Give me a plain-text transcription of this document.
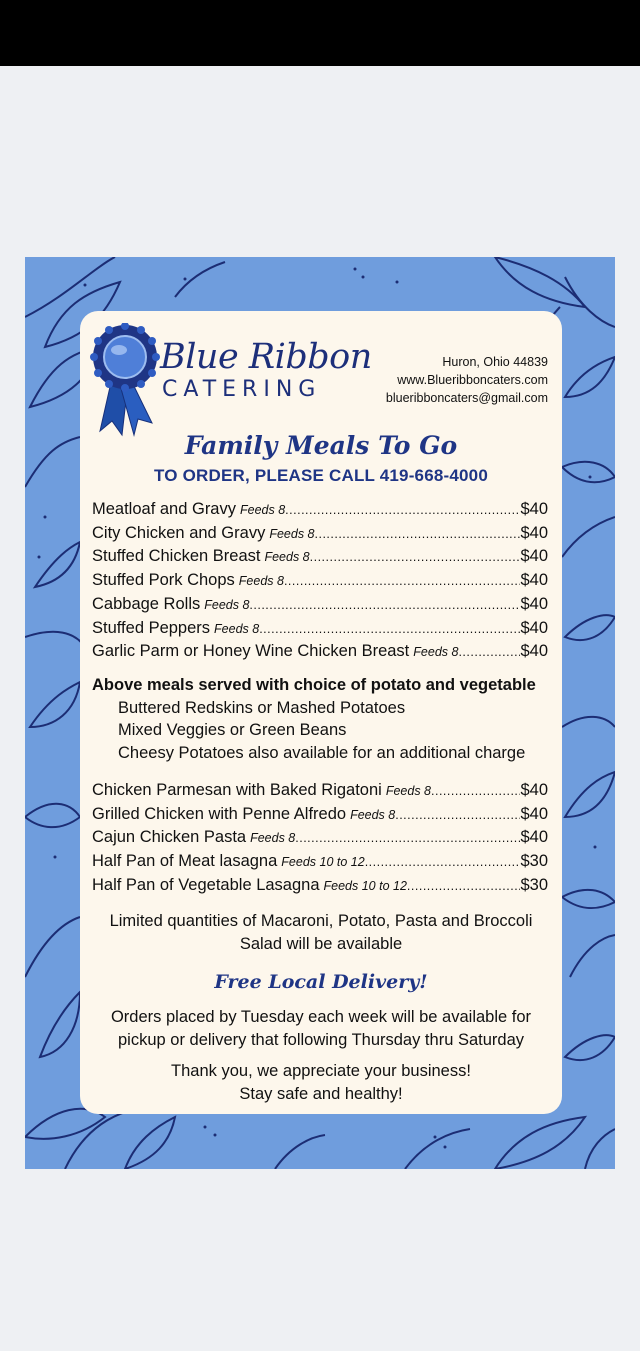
Blue Ribbon
CATERING
Huron, Ohio 44839
www.Blueribboncaters.com
blueribboncaters@gmail.com
Family Meals To Go
TO ORDER, PLEASE CALL 419-668-4000
Meatloaf and Gravy Feeds 8 .....	$40
City Chicken and Gravy Feeds 8 .....	$40
Stuffed Chicken Breast Feeds 8 .....	$40
Stuffed Pork Chops Feeds 8 .....	$40
Cabbage Rolls Feeds 8 .....	$40
Stuffed Peppers Feeds 8 .....	$40
Garlic Parm or Honey Wine Chicken Breast Feeds 8 .....	$40
Above meals served with choice of potato and vegetable
Buttered Redskins or Mashed Potatoes
Mixed Veggies or Green Beans
Cheesy Potatoes also available for an additional charge
Chicken Parmesan with Baked Rigatoni Feeds 8 .....	$40
Grilled Chicken with Penne Alfredo Feeds 8 .....	$40
Cajun Chicken Pasta Feeds 8 .....	$40
Half Pan of Meat lasagna Feeds 10 to 12 .....	$30
Half Pan of Vegetable Lasagna Feeds 10 to 12 .....	$30
Limited quantities of Macaroni, Potato, Pasta and Broccoli Salad will be available
Free Local Delivery!
Orders placed by Tuesday each week will be available for pickup or delivery that following Thursday thru Saturday
Thank you, we appreciate your business!
Stay safe and healthy!
